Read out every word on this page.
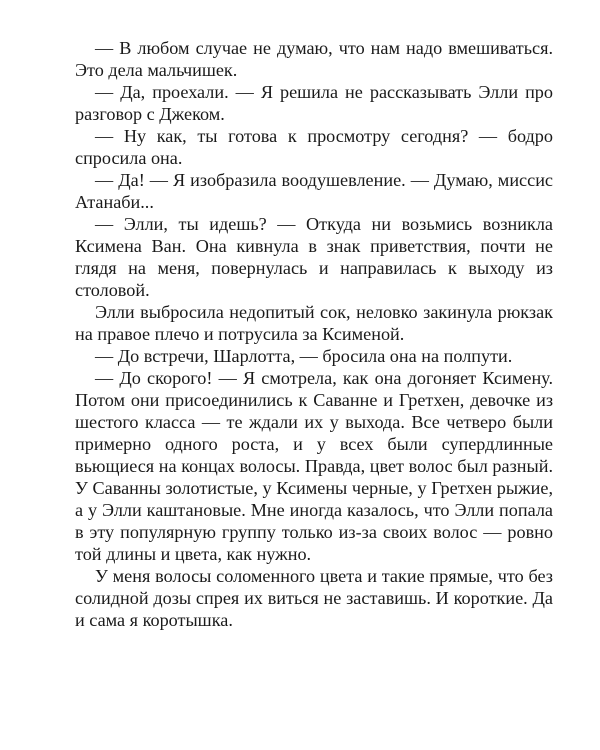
— В любом случае не думаю, что нам надо вмешиваться. Это дела мальчишек.

— Да, проехали. — Я решила не рассказывать Элли про разговор с Джеком.

— Ну как, ты готова к просмотру сегодня? — бодро спросила она.

— Да! — Я изобразила воодушевление. — Думаю, миссис Атанаби...

— Элли, ты идешь? — Откуда ни возьмись возникла Ксимена Ван. Она кивнула в знак приветствия, почти не глядя на меня, повернулась и направилась к выходу из столовой.

Элли выбросила недопитый сок, неловко закинула рюкзак на правое плечо и потрусила за Ксименой.

— До встречи, Шарлотта, — бросила она на полпути.

— До скорого! — Я смотрела, как она догоняет Ксимену. Потом они присоединились к Саванне и Гретхен, девочке из шестого класса — те ждали их у выхода. Все четверо были примерно одного роста, и у всех были супердлинные вьющиеся на концах волосы. Правда, цвет волос был разный. У Саванны золотистые, у Ксимены черные, у Гретхен рыжие, а у Элли каштановые. Мне иногда казалось, что Элли попала в эту популярную группу только из-за своих волос — ровно той длины и цвета, как нужно.

У меня волосы соломенного цвета и такие прямые, что без солидной дозы спрея их виться не заставишь. И короткие. Да и сама я коротышка.
